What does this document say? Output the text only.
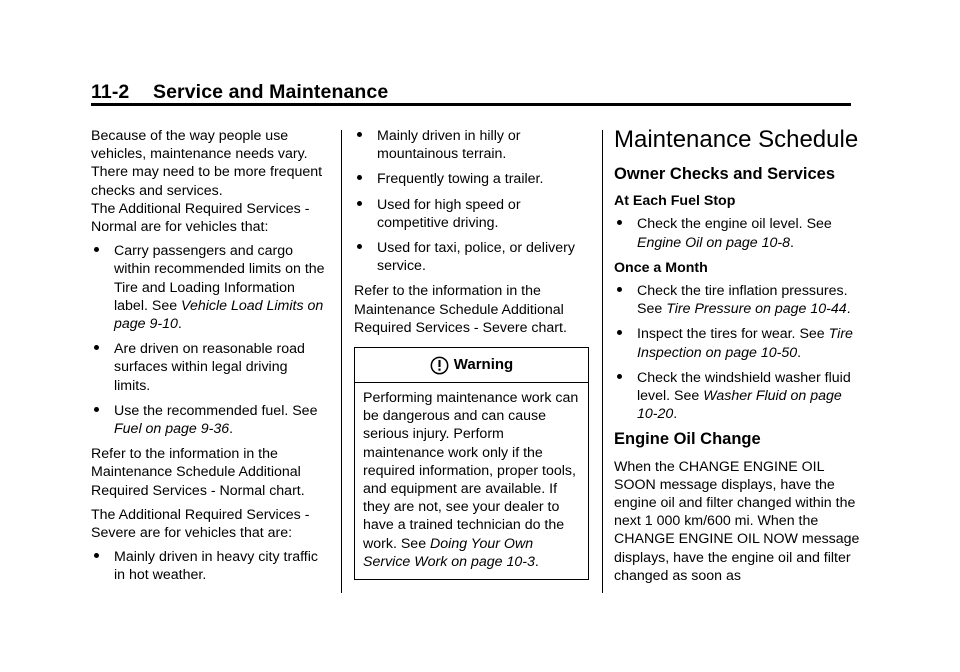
11-2 Service and Maintenance

Because of the way people use vehicles, maintenance needs vary. There may need to be more frequent checks and services.

The Additional Required Services - Normal are for vehicles that:

Carry passengers and cargo within recommended limits on the Tire and Loading Information label. See Vehicle Load Limits on page 9-10.
Are driven on reasonable road surfaces within legal driving limits.
Use the recommended fuel. See Fuel on page 9-36.

Refer to the information in the Maintenance Schedule Additional Required Services - Normal chart.

The Additional Required Services - Severe are for vehicles that are:

Mainly driven in heavy city traffic in hot weather.
Mainly driven in hilly or mountainous terrain.
Frequently towing a trailer.
Used for high speed or competitive driving.
Used for taxi, police, or delivery service.

Refer to the information in the Maintenance Schedule Additional Required Services - Severe chart.

Warning
Performing maintenance work can be dangerous and can cause serious injury. Perform maintenance work only if the required information, proper tools, and equipment are available. If they are not, see your dealer to have a trained technician do the work. See Doing Your Own Service Work on page 10-3.
Maintenance Schedule
Owner Checks and Services
At Each Fuel Stop
Check the engine oil level. See Engine Oil on page 10-8.
Once a Month
Check the tire inflation pressures. See Tire Pressure on page 10-44.
Inspect the tires for wear. See Tire Inspection on page 10-50.
Check the windshield washer fluid level. See Washer Fluid on page 10-20.
Engine Oil Change

When the CHANGE ENGINE OIL SOON message displays, have the engine oil and filter changed within the next 1 000 km/600 mi. When the CHANGE ENGINE OIL NOW message displays, have the engine oil and filter changed as soon as
